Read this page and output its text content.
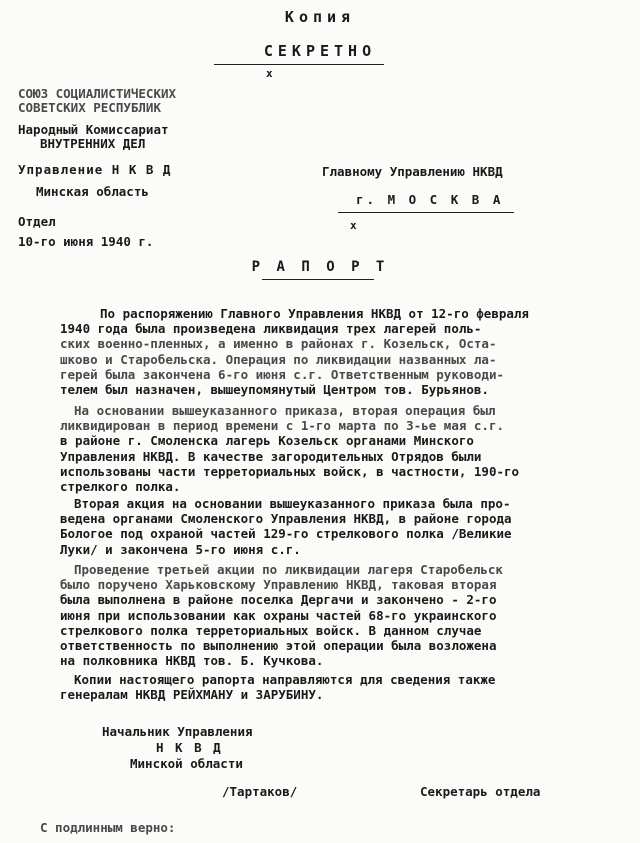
Копия
СЕКРЕТНО
x
СОЮЗ СОЦИАЛИСТИЧЕСКИХ
СОВЕТСКИХ РЕСПУБЛИК
Народный Комиссариат
ВНУТРЕННИХ ДЕЛ
Управление Н К В Д
Минская область
Главному Управлению НКВД
г. М О С К В А
x
Отдел
10-го июня 1940 г.
Р А П О Р Т
По распоряжению Главного Управления НКВД от 12-го февраля
1940 года была произведена ликвидация трех лагерей поль-
ских военно-пленных, а именно в районах г. Козельск, Оста-
шково и Старобельска. Операция по ликвидации названных ла-
герей была закончена 6-го июня с.г. Ответственным руководи-
телем был назначен, вышеупомянутый Центром тов. Бурьянов.
На основании вышеуказанного приказа, вторая операция был
ликвидирован в период времени с 1-го марта по 3-ье мая с.г.
в районе г. Смоленска лагерь Козельск органами Минского
Управления НКВД. В качестве загородительных Отрядов были
использованы части терреториальных войск, в частности, 190-го
стрелкого полка.
Вторая акция на основании вышеуказанного приказа была про-
ведена органами Смоленского Управления НКВД, в районе города
Бологое под охраной частей 129-го стрелкового полка /Великие
Луки/ и закончена 5-го июня с.г.
Проведение третьей акции по ликвидации лагеря Старобельск
было поручено Харьковскому Управлению НКВД, таковая вторая
была выполнена в районе поселка Дергачи и закончено - 2-го
июня при использовании как охраны частей 68-го украинского
стрелкового полка терреториальных войск. В данном случае
ответственность по выполнению этой операции была возложена
на полковника НКВД тов. Б. Кучкова.
Копии настоящего рапорта направляются для сведения также
генералам НКВД РЕЙХМАНУ и ЗАРУБИНУ.
Начальник Управления
Н К В Д
Минской области
/Тартаков/	Секретарь отдела
С подлинным верно:
